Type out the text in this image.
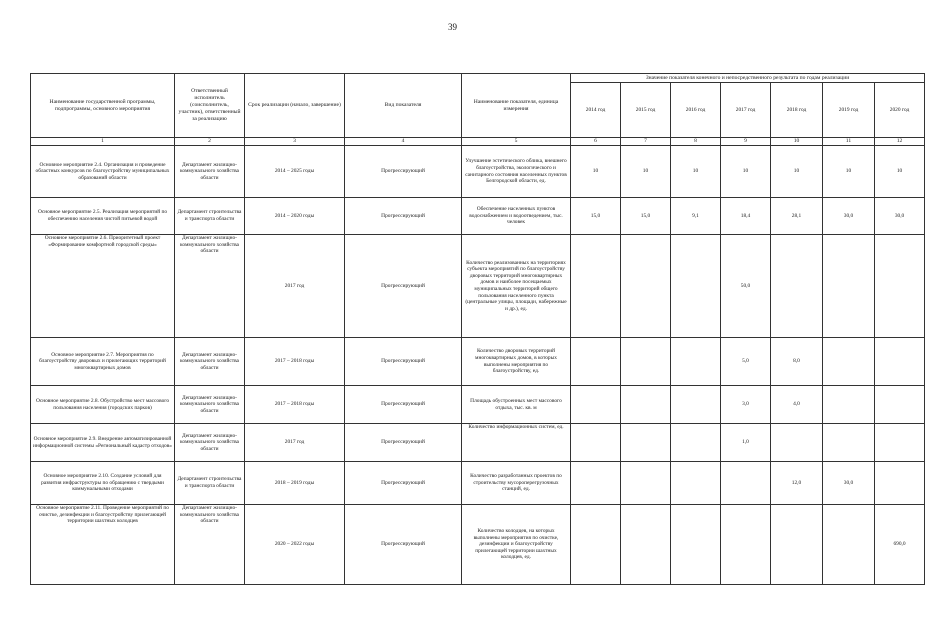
39
Наименование государственной программы, подпрограммы, основного мероприятия	Ответственный исполнитель (соисполнитель, участник), ответственный за реализацию	Срок реализации (начало, завершение)	Вид показателя	Наименование показателя, единица измерения	Значение показателя конечного и непосредственного результата по годам реализации						
					2014 год	2015 год	2016 год	2017 год	2018 год	2019 год	2020 год
1	2	3	4	5	6	7	8	9	10	11	12
Основное мероприятие 2.4. Организация и проведение областных конкурсов по благоустройству муниципальных образований области	Департамент жилищно-коммунального хозяйства области	2014 – 2025 годы	Прогрессирующий	Улучшение эстетического облика, внешнего благоустройства, экологического и санитарного состояния населенных пунктов Белгородской области, ед.	10	10	10	10	10	10	10
Основное мероприятие 2.5. Реализация мероприятий по обеспечению населения чистой питьевой водой	Департамент строительства и транспорта области	2014 – 2020 годы	Прогрессирующий	Обеспечение населенных пунктов водоснабжением и водоотведением, тыс. человек	15,0	15,0	9,1	18,4	28,1	30,0	30,0
Основное мероприятие 2.6. Приоритетный проект «Формирование комфортной городской среды»	Департамент жилищно-коммунального хозяйства области	2017 год	Прогрессирующий	Количество реализованных на территориях субъекта мероприятий по благоустройству дворовых территорий многоквартирных домов и наиболее посещаемых муниципальных территорий общего пользования населенного пункта (центральные улицы, площади, набережные и др.), ед.				50,0			
Основное мероприятие 2.7. Мероприятия по благоустройству дворовых и прилегающих территорий многоквартирных домов	Департамент жилищно-коммунального хозяйства области	2017 – 2018 годы	Прогрессирующий	Количество дворовых территорий многоквартирных домов, в которых выполнены мероприятия по благоустройству, ед.				5,0	8,0		
Основное мероприятие 2.8. Обустройство мест массового пользования населения (городских парков)	Департамент жилищно-коммунального хозяйства области	2017 – 2018 годы	Прогрессирующий	Площадь обустроенных мест массового отдыха, тыс. кв. м				3,0	4,0		
Основное мероприятие 2.9. Внедрение автоматизированной информационной системы «Региональный кадастр отходов»	Департамент жилищно-коммунального хозяйства области	2017 год	Прогрессирующий	Количество информационных систем, ед.				1,0			
Основное мероприятие 2.10. Создание условий для развития инфраструктуры по обращению с твердыми коммунальными отходами	Департамент строительства и транспорта области	2018 – 2019 годы	Прогрессирующий	Количество разработанных проектов по строительству мусороперегрузочных станций, ед.					12,0	30,0	
Основное мероприятие 2.11. Проведение мероприятий по очистке, дезинфекции и благоустройству прилегающей территории шахтных колодцев	Департамент жилищно-коммунального хозяйства области	2020 – 2022 годы	Прогрессирующий	Количество колодцев, на которых выполнены мероприятия по очистке, дезинфекции и благоустройству прилегающей территории шахтных колодцев, ед.							690,0
